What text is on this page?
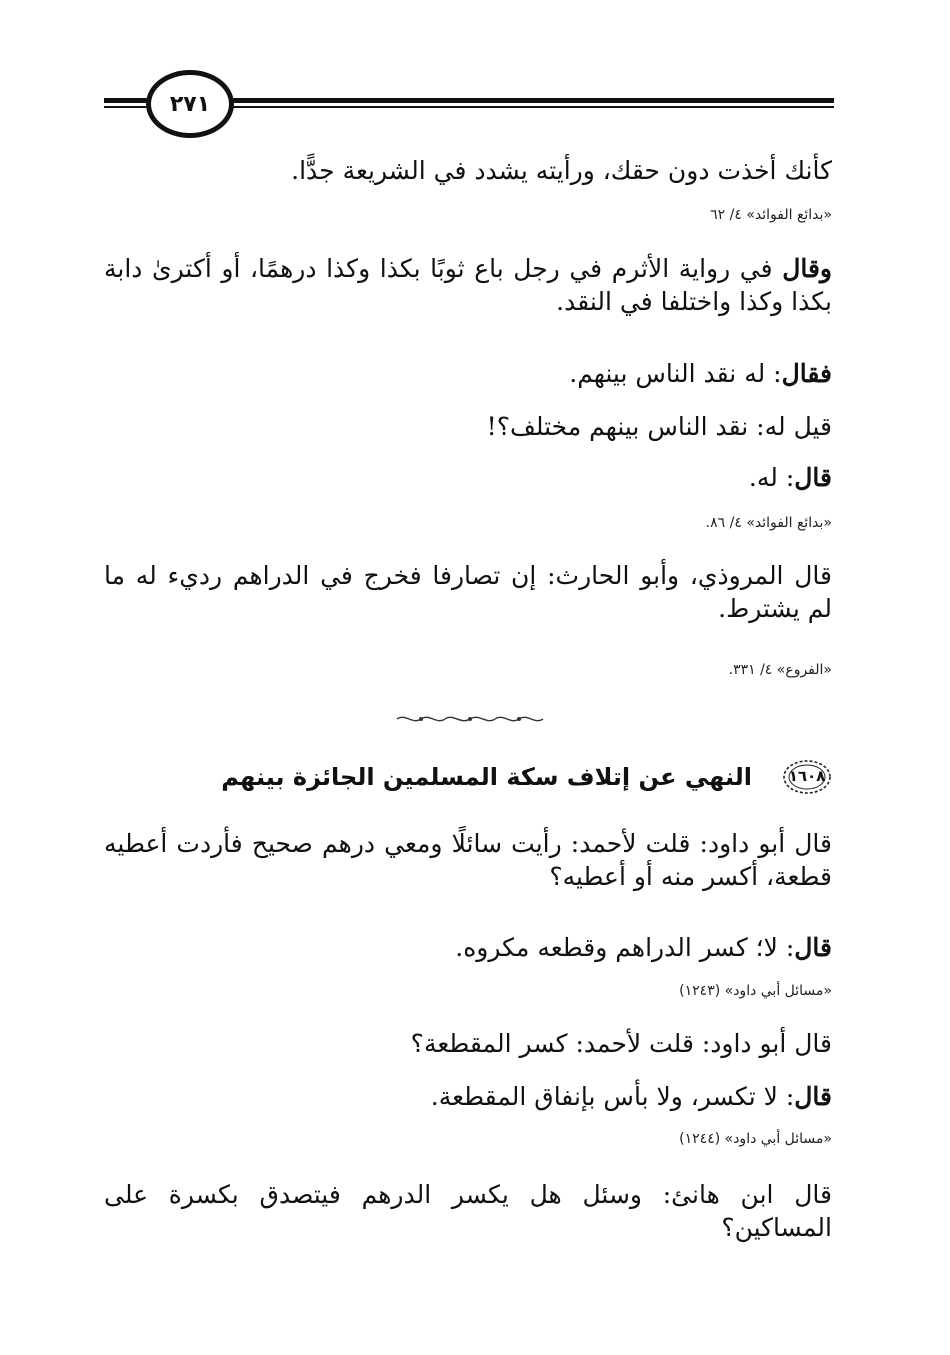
٢٧١
كأنك أخذت دون حقك، ورأيته يشدد في الشريعة جدًّا.
«بدائع الفوائد» ٤/ ٦٢
وقال في رواية الأثرم في رجل باع ثوبًا بكذا وكذا درهمًا، أو أكترىٰ دابة بكذا وكذا واختلفا في النقد.
فقال: له نقد الناس بينهم.
قيل له: نقد الناس بينهم مختلف؟!
قال: له.
«بدائع الفوائد» ٤/ ٨٦.
قال المروذي، وأبو الحارث: إن تصارفا فخرج في الدراهم رديء له ما لم يشترط.
«الفروع» ٤/ ٣٣١.
١٦٠٨
النهي عن إتلاف سكة المسلمين الجائزة بينهم
قال أبو داود: قلت لأحمد: رأيت سائلًا ومعي درهم صحيح فأردت أعطيه قطعة، أكسر منه أو أعطيه؟
قال: لا؛ كسر الدراهم وقطعه مكروه.
«مسائل أبي داود» (١٢٤٣)
قال أبو داود: قلت لأحمد: كسر المقطعة؟
قال: لا تكسر، ولا بأس بإنفاق المقطعة.
«مسائل أبي داود» (١٢٤٤)
قال ابن هانئ: وسئل هل يكسر الدرهم فيتصدق بكسرة على المساكين؟
